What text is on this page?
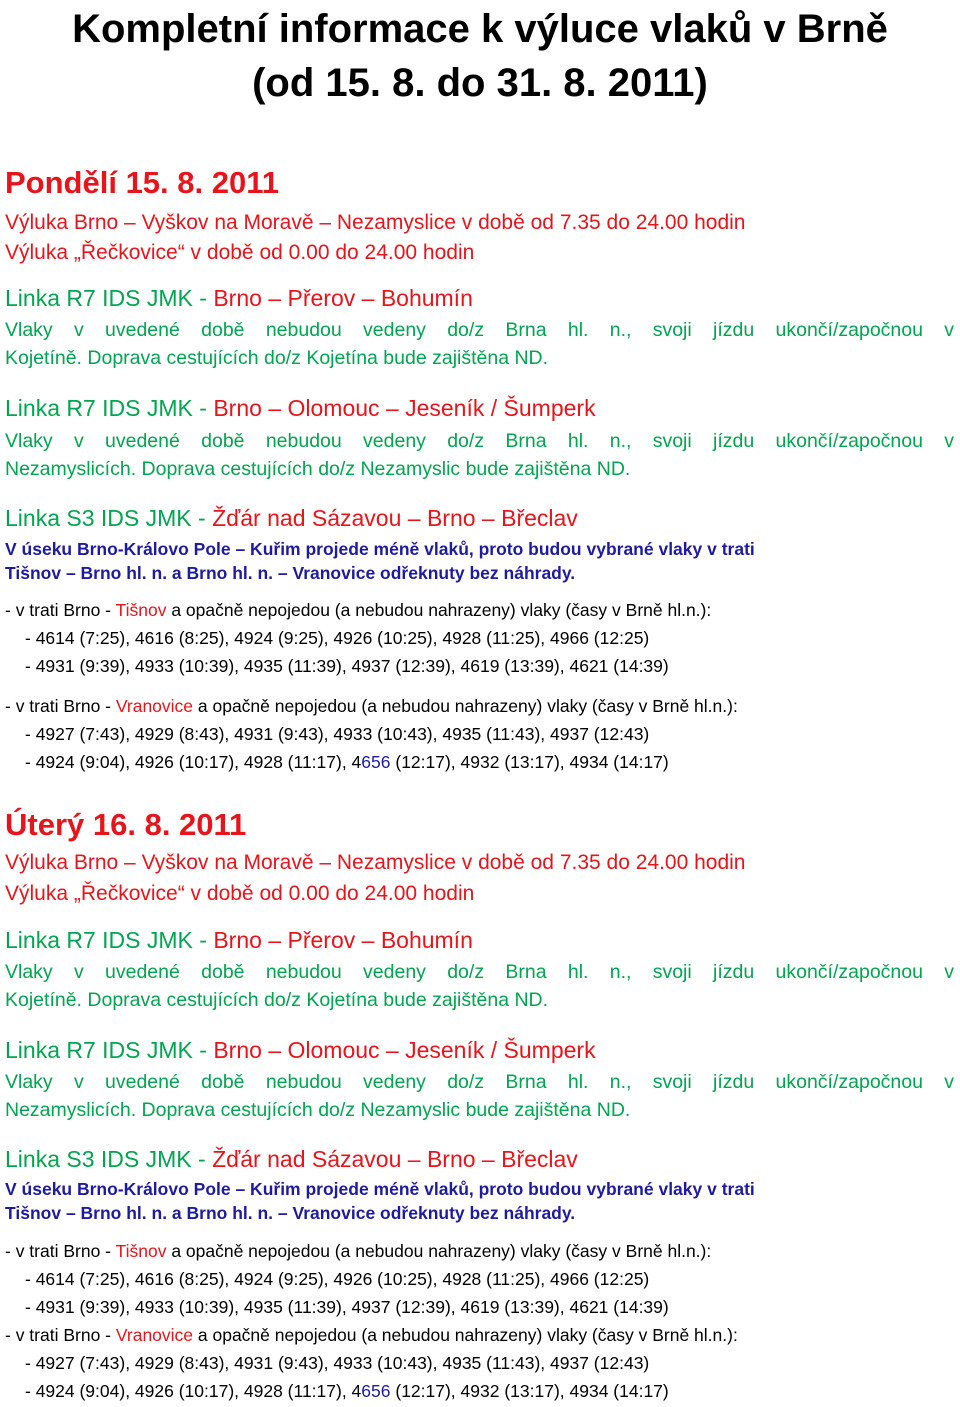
Kompletní informace k výluce vlaků v Brně
(od 15. 8. do 31. 8. 2011)
Pondělí 15. 8. 2011
Výluka Brno – Vyškov na Moravě – Nezamyslice v době od 7.35 do 24.00 hodin
Výluka „Řečkovice“ v době od 0.00 do 24.00 hodin
Linka R7 IDS JMK - Brno – Přerov – Bohumín
Vlaky v uvedené době nebudou vedeny do/z Brna hl. n., svoji jízdu ukončí/započnou v
Kojetíně. Doprava cestujících do/z Kojetína bude zajištěna ND.
Linka R7 IDS JMK - Brno – Olomouc – Jeseník / Šumperk
Vlaky v uvedené době nebudou vedeny do/z Brna hl. n., svoji jízdu ukončí/započnou v
Nezamyslicích. Doprava cestujících do/z Nezamyslic bude zajištěna ND.
Linka S3 IDS JMK - Žďár nad Sázavou – Brno – Břeclav
V úseku Brno-Královo Pole – Kuřim projede méně vlaků, proto budou vybrané vlaky v trati
Tišnov – Brno hl. n. a Brno hl. n. – Vranovice odřeknuty bez náhrady.
- v trati Brno - Tišnov a opačně nepojedou (a nebudou nahrazeny) vlaky (časy v Brně hl.n.):
- 4614 (7:25), 4616 (8:25), 4924 (9:25), 4926 (10:25), 4928 (11:25), 4966 (12:25)
- 4931 (9:39), 4933 (10:39), 4935 (11:39), 4937 (12:39), 4619 (13:39), 4621 (14:39)
- v trati Brno - Vranovice a opačně nepojedou (a nebudou nahrazeny) vlaky (časy v Brně hl.n.):
- 4927 (7:43), 4929 (8:43), 4931 (9:43), 4933 (10:43), 4935 (11:43), 4937 (12:43)
- 4924 (9:04), 4926 (10:17), 4928 (11:17), 4656 (12:17), 4932 (13:17), 4934 (14:17)
Úterý 16. 8. 2011
Výluka Brno – Vyškov na Moravě – Nezamyslice v době od 7.35 do 24.00 hodin
Výluka „Řečkovice“ v době od 0.00 do 24.00 hodin
Linka R7 IDS JMK - Brno – Přerov – Bohumín
Vlaky v uvedené době nebudou vedeny do/z Brna hl. n., svoji jízdu ukončí/započnou v
Kojetíně. Doprava cestujících do/z Kojetína bude zajištěna ND.
Linka R7 IDS JMK - Brno – Olomouc – Jeseník / Šumperk
Vlaky v uvedené době nebudou vedeny do/z Brna hl. n., svoji jízdu ukončí/započnou v
Nezamyslicích. Doprava cestujících do/z Nezamyslic bude zajištěna ND.
Linka S3 IDS JMK - Žďár nad Sázavou – Brno – Břeclav
V úseku Brno-Královo Pole – Kuřim projede méně vlaků, proto budou vybrané vlaky v trati
Tišnov – Brno hl. n. a Brno hl. n. – Vranovice odřeknuty bez náhrady.
- v trati Brno - Tišnov a opačně nepojedou (a nebudou nahrazeny) vlaky (časy v Brně hl.n.):
- 4614 (7:25), 4616 (8:25), 4924 (9:25), 4926 (10:25), 4928 (11:25), 4966 (12:25)
- 4931 (9:39), 4933 (10:39), 4935 (11:39), 4937 (12:39), 4619 (13:39), 4621 (14:39)
- v trati Brno - Vranovice a opačně nepojedou (a nebudou nahrazeny) vlaky (časy v Brně hl.n.):
- 4927 (7:43), 4929 (8:43), 4931 (9:43), 4933 (10:43), 4935 (11:43), 4937 (12:43)
- 4924 (9:04), 4926 (10:17), 4928 (11:17), 4656 (12:17), 4932 (13:17), 4934 (14:17)
